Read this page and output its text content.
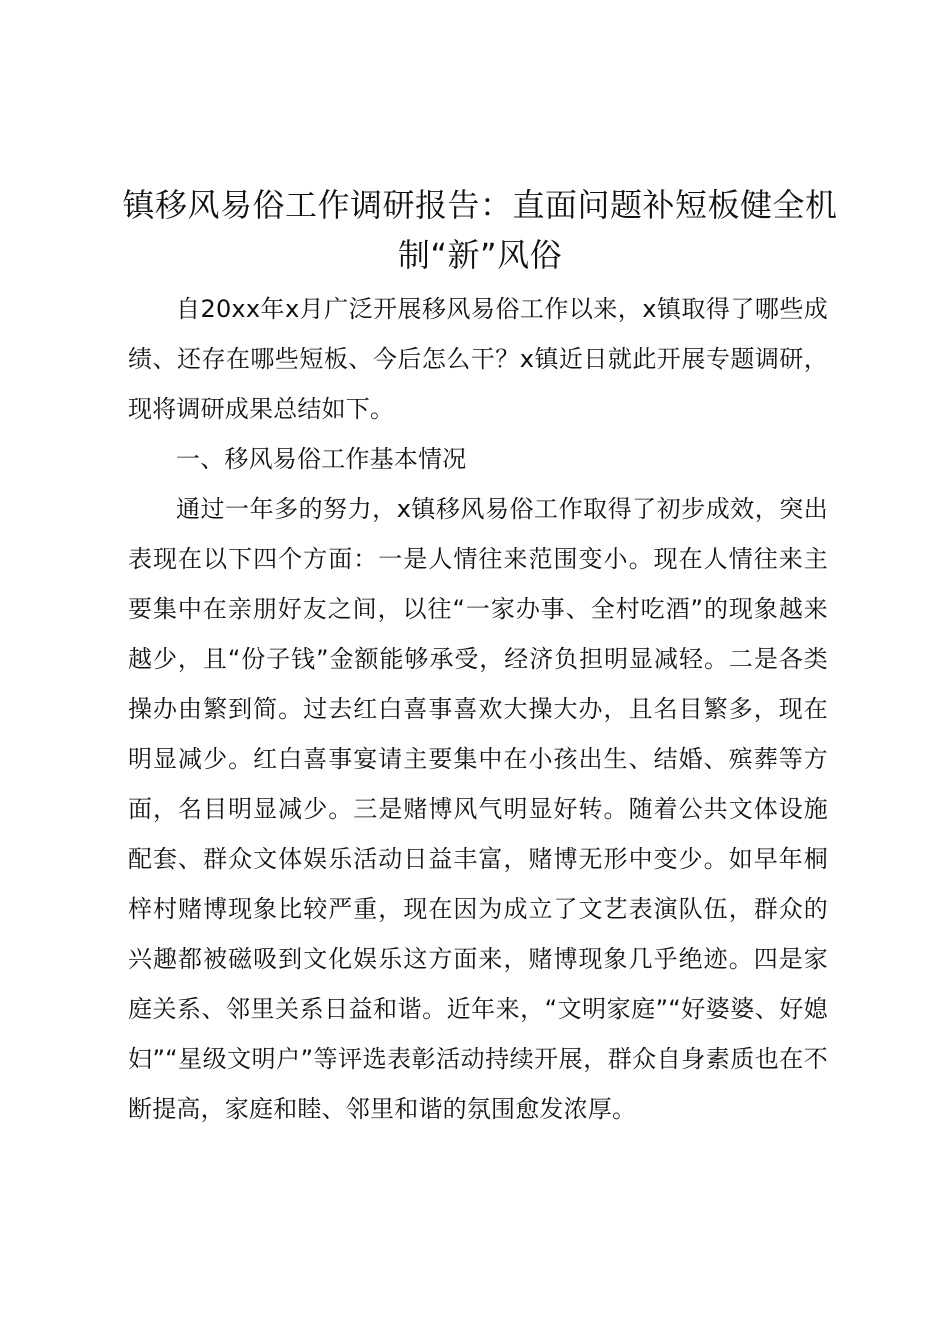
镇移风易俗工作调研报告：直面问题补短板健全机制“新”风俗

自20xx年x月广泛开展移风易俗工作以来，x镇取得了哪些成绩、还存在哪些短板、今后怎么干？x镇近日就此开展专题调研，现将调研成果总结如下。

一、移风易俗工作基本情况

通过一年多的努力，x镇移风易俗工作取得了初步成效，突出表现在以下四个方面：一是人情往来范围变小。现在人情往来主要集中在亲朋好友之间，以往“一家办事、全村吃酒”的现象越来越少，且“份子钱”金额能够承受，经济负担明显减轻。二是各类操办由繁到简。过去红白喜事喜欢大操大办，且名目繁多，现在明显减少。红白喜事宴请主要集中在小孩出生、结婚、殡葬等方面，名目明显减少。三是赌博风气明显好转。随着公共文体设施配套、群众文体娱乐活动日益丰富，赌博无形中变少。如早年桐梓村赌博现象比较严重，现在因为成立了文艺表演队伍，群众的兴趣都被磁吸到文化娱乐这方面来，赌博现象几乎绝迹。四是家庭关系、邻里关系日益和谐。近年来，“文明家庭”“好婆婆、好媳妇”“星级文明户”等评选表彰活动持续开展，群众自身素质也在不断提高，家庭和睦、邻里和谐的氛围愈发浓厚。
